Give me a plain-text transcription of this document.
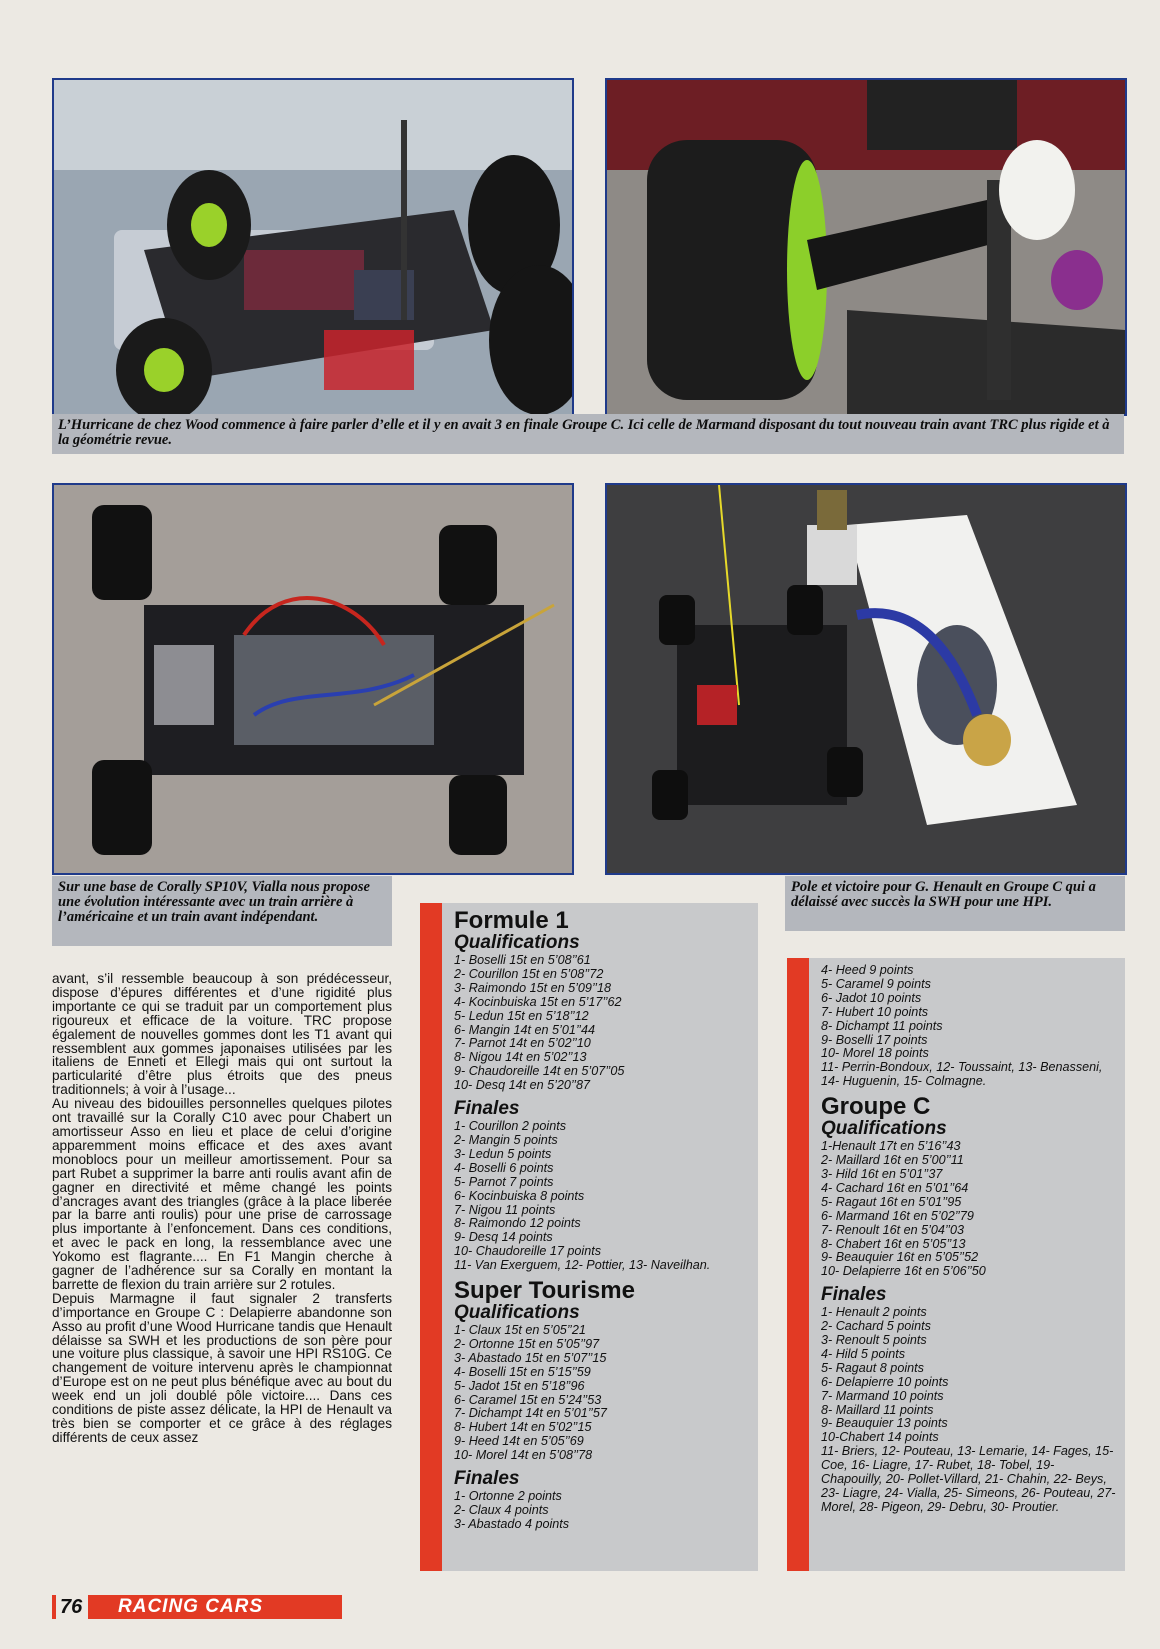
L’Hurricane de chez Wood commence à faire parler d’elle et il y en avait 3 en finale Groupe C. Ici celle de Marmand disposant du tout nouveau train avant TRC plus rigide et à la géométrie revue.
Sur une base de Corally SP10V, Vialla nous propose une évolution intéressante avec un train arrière à l’américaine et un train avant indépendant.
Pole et victoire pour G. Henault en Groupe C qui a délaissé avec succès la SWH pour une HPI.

avant, s’il ressemble beaucoup à son prédécesseur, dispose d’épures différentes et d’une rigidité plus importante ce qui se traduit par un comportement plus rigoureux et efficace de la voiture. TRC propose également de nouvelles gommes dont les T1 avant qui ressemblent aux gommes japonaises utilisées par les italiens de Enneti et Ellegi mais qui ont surtout la particularité d’être plus étroits que des pneus traditionnels; à voir à l’usage...

Au niveau des bidouilles personnelles quelques pilotes ont travaillé sur la Corally C10 avec pour Chabert un amortisseur Asso en lieu et place de celui d’origine apparemment moins efficace et des axes avant monoblocs pour un meilleur amortissement. Pour sa part Rubet a supprimer la barre anti roulis avant afin de gagner en directivité et même changé les points d’ancrages avant des triangles (grâce à la place liberée par la barre anti roulis) pour une prise de carrossage plus importante à l’enfoncement. Dans ces conditions, et avec le pack en long, la ressemblance avec une Yokomo est flagrante.... En F1 Mangin cherche à gagner de l’adhérence sur sa Corally en montant la barrette de flexion du train arrière sur 2 rotules.

Depuis Marmagne il faut signaler 2 transferts d’importance en Groupe C : Delapierre abandonne son Asso au profit d’une Wood Hurricane tandis que Henault délaisse sa SWH et les productions de son père pour une voiture plus classique, à savoir une HPI RS10G. Ce changement de voiture intervenu après le championnat d’Europe est on ne peut plus bénéfique avec au bout du week end un joli doublé pôle victoire.... Dans ces conditions de piste assez délicate, la HPI de Henault va très bien se comporter et ce grâce à des réglages différents de ceux assez

Formule 1
Qualifications
1- Boselli 15t en 5’08’’61
2- Courillon 15t en 5’08’’72
3- Raimondo 15t en 5’09’’18
4- Kocinbuiska 15t en 5’17’’62
5- Ledun 15t en 5’18’’12
6- Mangin 14t en 5’01’’44
7- Parnot 14t en 5’02’’10
8- Nigou 14t en 5’02’’13
9- Chaudoreille 14t en 5’07’’05
10- Desq 14t en 5’20’’87
Finales
1- Courillon 2 points
2- Mangin 5 points
3- Ledun 5 points
4- Boselli 6 points
5- Parnot 7 points
6- Kocinbuiska 8 points
7- Nigou 11 points
8- Raimondo 12 points
9- Desq 14 points
10- Chaudoreille 17 points
11- Van Exerguem, 12- Pottier, 13- Naveilhan.
Super Tourisme
Qualifications
1- Claux 15t en 5’05’’21
2- Ortonne 15t en 5’05’’97
3- Abastado 15t en 5’07’’15
4- Boselli 15t en 5’15’’59
5- Jadot 15t en 5’18’’96
6- Caramel 15t en 5’24’’53
7- Dichampt 14t en 5’01’’57
8- Hubert 14t en 5’02’’15
9- Heed 14t en 5’05’’69
10- Morel 14t en 5’08’’78
Finales
1- Ortonne 2 points
2- Claux 4 points
3- Abastado 4 points
4- Heed 9 points
5- Caramel 9 points
6- Jadot 10 points
7- Hubert 10 points
8- Dichampt 11 points
9- Boselli 17 points
10- Morel 18 points
11- Perrin-Bondoux, 12- Toussaint, 13- Benasseni, 14- Huguenin, 15- Colmagne.
Groupe C
Qualifications
1-Henault 17t en 5’16’’43
2- Maillard 16t en 5’00’’11
3- Hild 16t en 5’01’’37
4- Cachard 16t en 5’01’’64
5- Ragaut 16t en 5’01’’95
6- Marmand 16t en 5’02’’79
7- Renoult 16t en 5’04’’03
8- Chabert 16t en 5’05’’13
9- Beauquier 16t en 5’05’’52
10- Delapierre 16t en 5’06’’50
Finales
1- Henault 2 points
2- Cachard 5 points
3- Renoult 5 points
4- Hild 5 points
5- Ragaut 8 points
6- Delapierre 10 points
7- Marmand 10 points
8- Maillard 11 points
9- Beauquier 13 points
10-Chabert 14 points
11- Briers, 12- Pouteau, 13- Lemarie, 14- Fages, 15- Coe, 16- Liagre, 17- Rubet, 18- Tobel, 19- Chapouilly, 20- Pollet-Villard, 21- Chahin, 22- Beys, 23- Liagre, 24- Vialla, 25- Simeons, 26- Pouteau, 27- Morel, 28- Pigeon, 29- Debru, 30- Proutier.
76	RACING CARS
